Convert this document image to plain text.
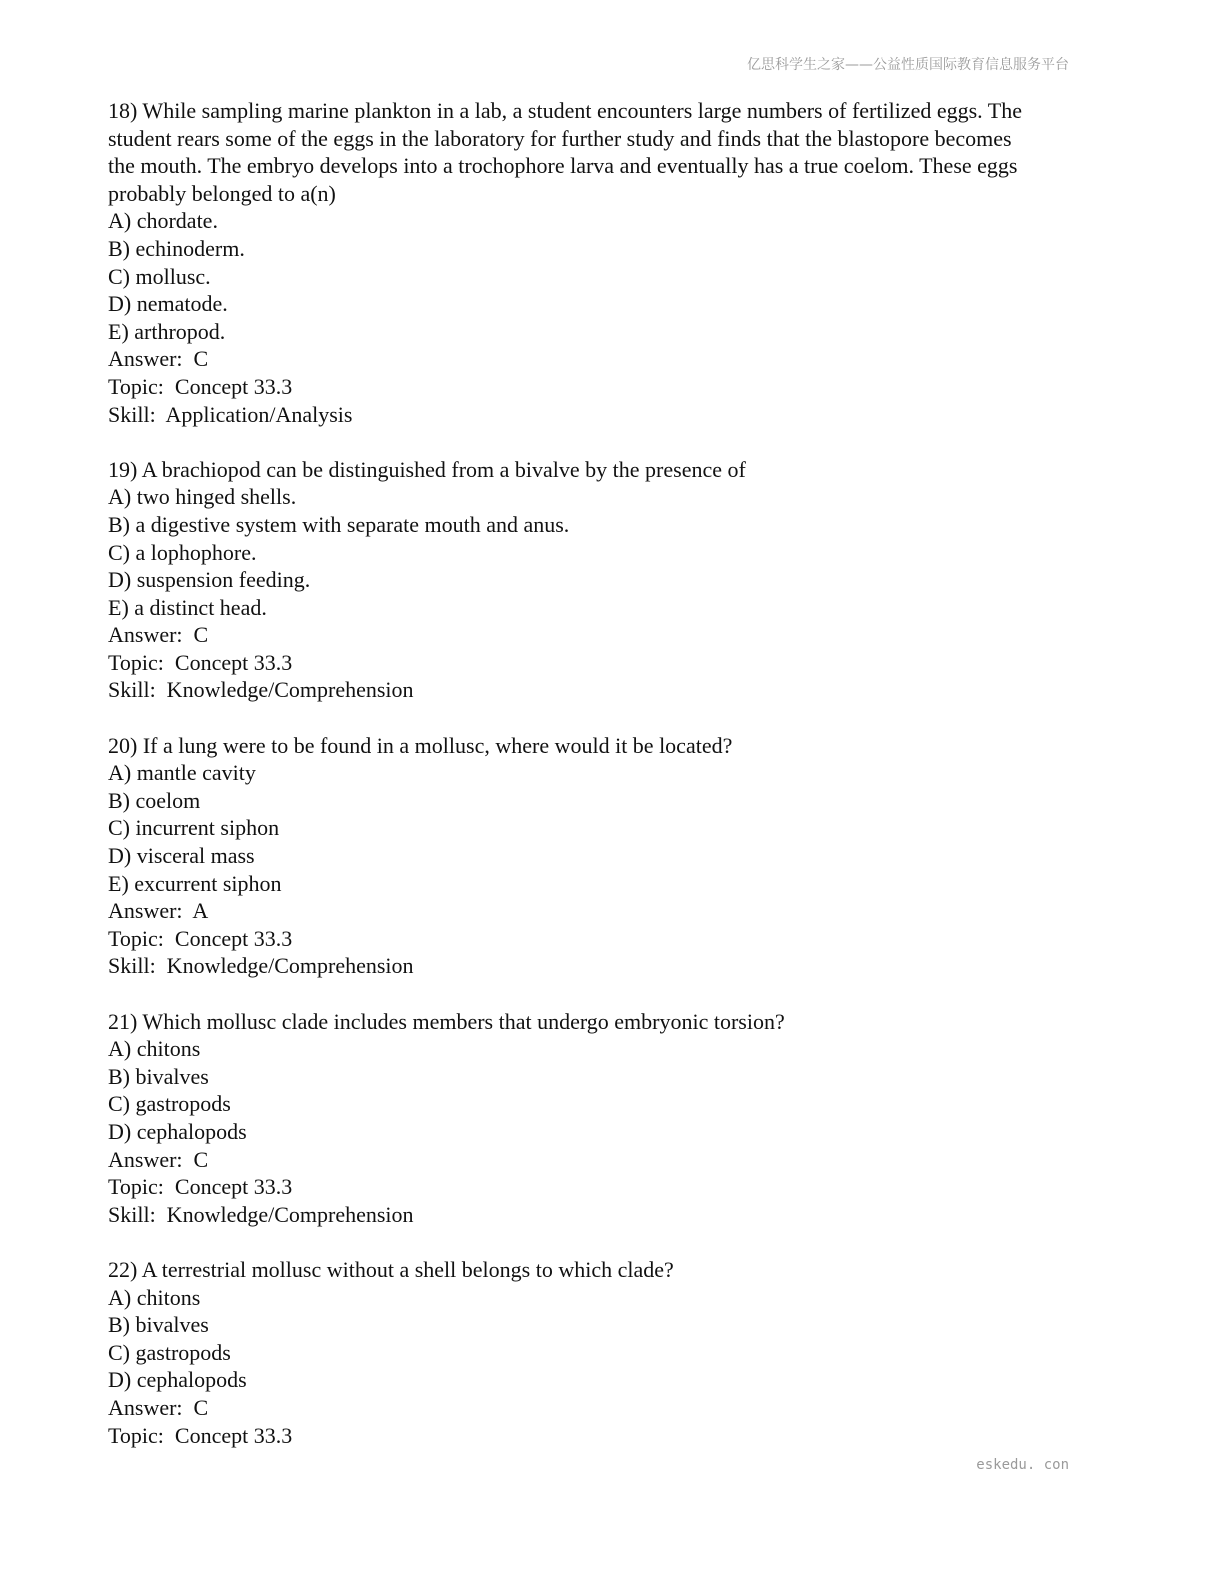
亿思科学生之家——公益性质国际教育信息服务平台
18) While sampling marine plankton in a lab, a student encounters large numbers of fertilized eggs. The
student rears some of the eggs in the laboratory for further study and finds that the blastopore becomes
the mouth. The embryo develops into a trochophore larva and eventually has a true coelom. These eggs
probably belonged to a(n)
A) chordate.
B) echinoderm.
C) mollusc.
D) nematode.
E) arthropod.
Answer:  C
Topic:  Concept 33.3
Skill:  Application/Analysis
19) A brachiopod can be distinguished from a bivalve by the presence of
A) two hinged shells.
B) a digestive system with separate mouth and anus.
C) a lophophore.
D) suspension feeding.
E) a distinct head.
Answer:  C
Topic:  Concept 33.3
Skill:  Knowledge/Comprehension
20) If a lung were to be found in a mollusc, where would it be located?
A) mantle cavity
B) coelom
C) incurrent siphon
D) visceral mass
E) excurrent siphon
Answer:  A
Topic:  Concept 33.3
Skill:  Knowledge/Comprehension
21) Which mollusc clade includes members that undergo embryonic torsion?
A) chitons
B) bivalves
C) gastropods
D) cephalopods
Answer:  C
Topic:  Concept 33.3
Skill:  Knowledge/Comprehension
22) A terrestrial mollusc without a shell belongs to which clade?
A) chitons
B) bivalves
C) gastropods
D) cephalopods
Answer:  C
Topic:  Concept 33.3
eskedu. con
